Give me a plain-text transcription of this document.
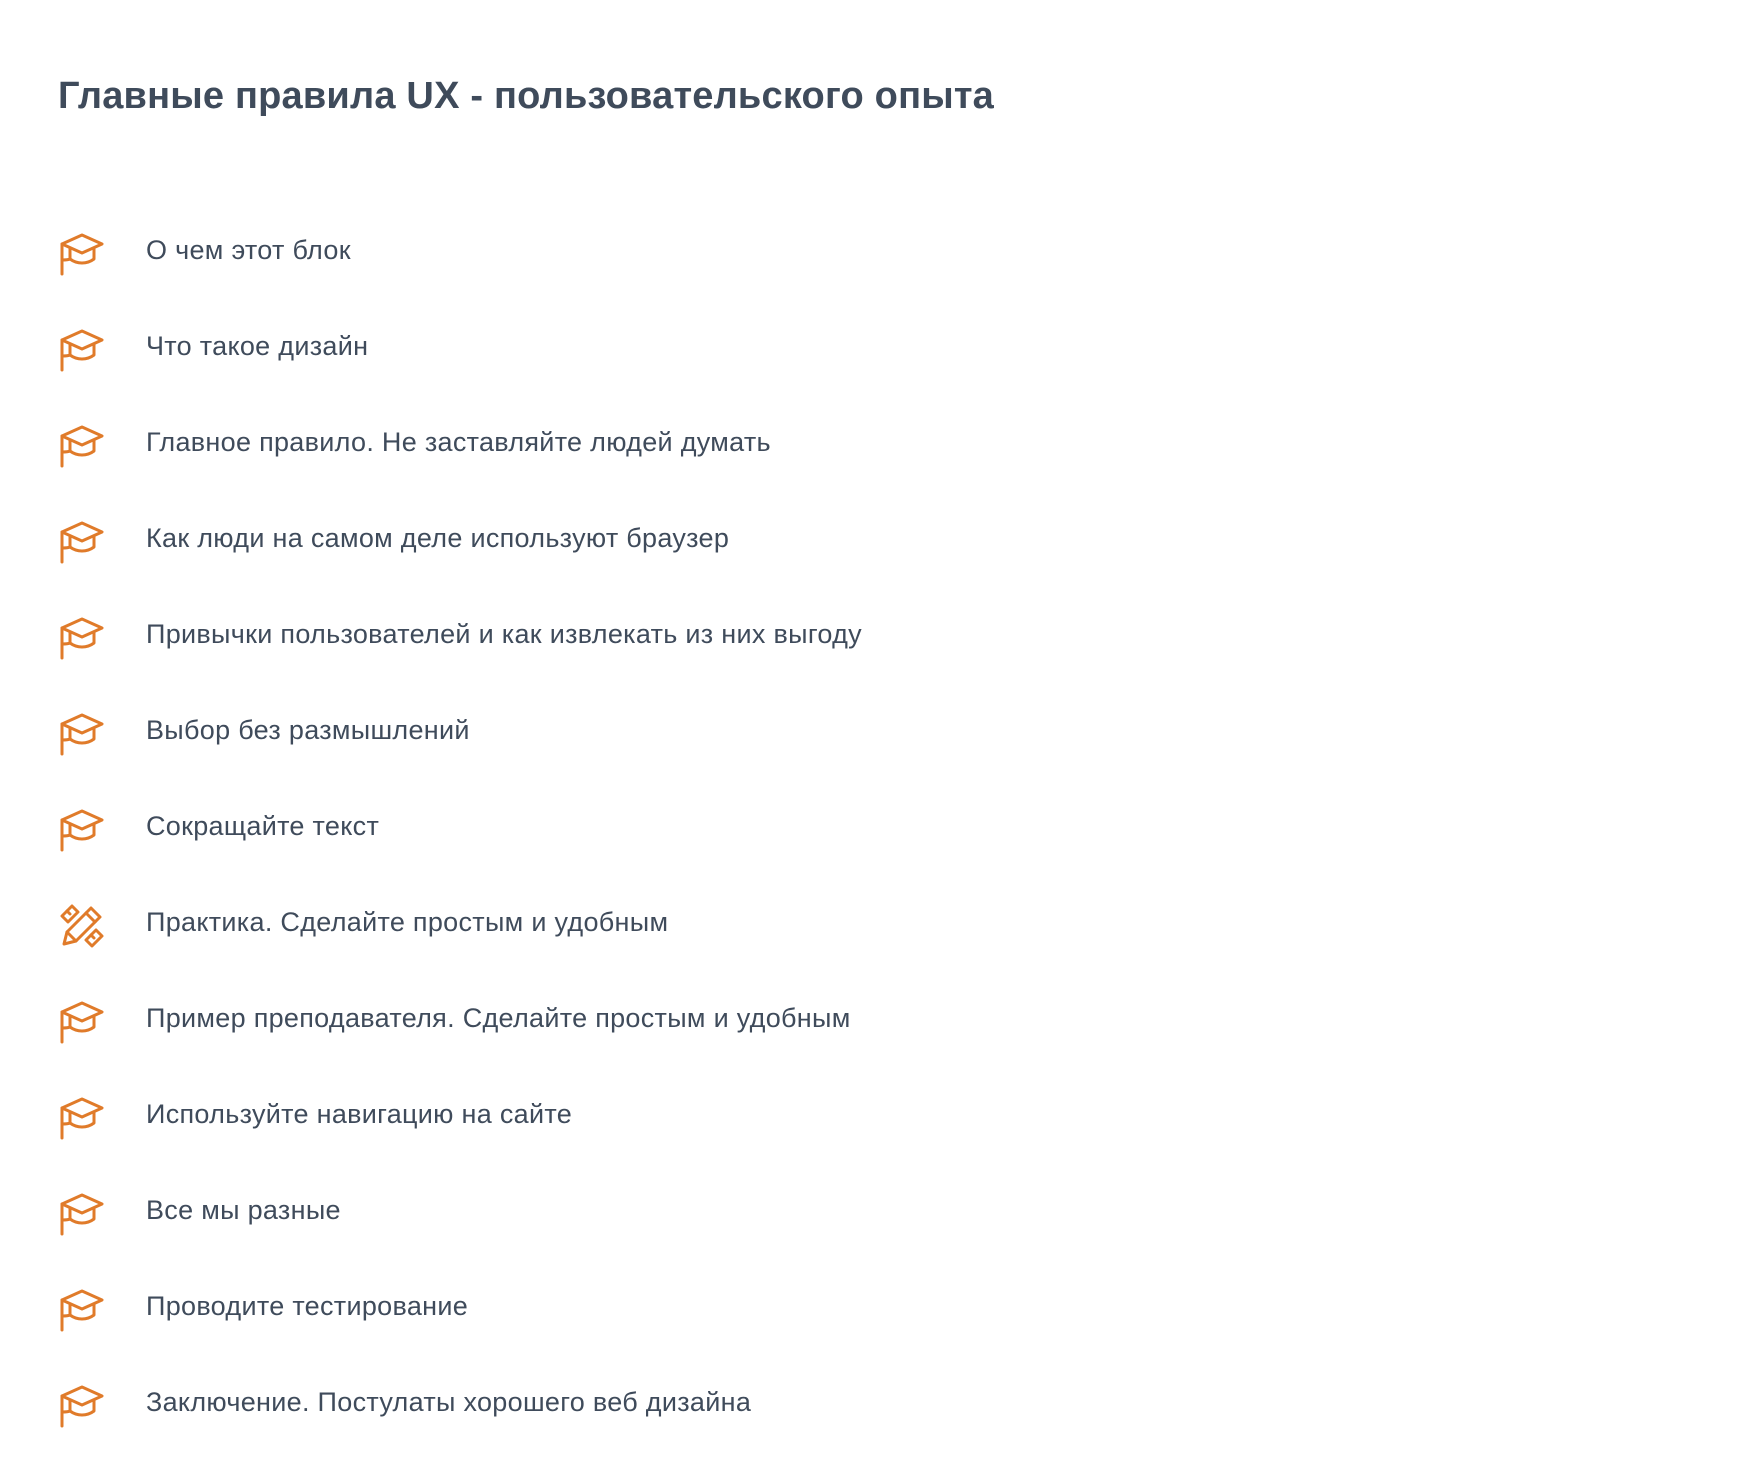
Главные правила UX - пользовательского опыта
О чем этот блок
Что такое дизайн
Главное правило. Не заставляйте людей думать
Как люди на самом деле используют браузер
Привычки пользователей и как извлекать из них выгоду
Выбор без размышлений
Сокращайте текст
Практика. Сделайте простым и удобным
Пример преподавателя. Сделайте простым и удобным
Используйте навигацию на сайте
Все мы разные
Проводите тестирование
Заключение. Постулаты хорошего веб дизайна
